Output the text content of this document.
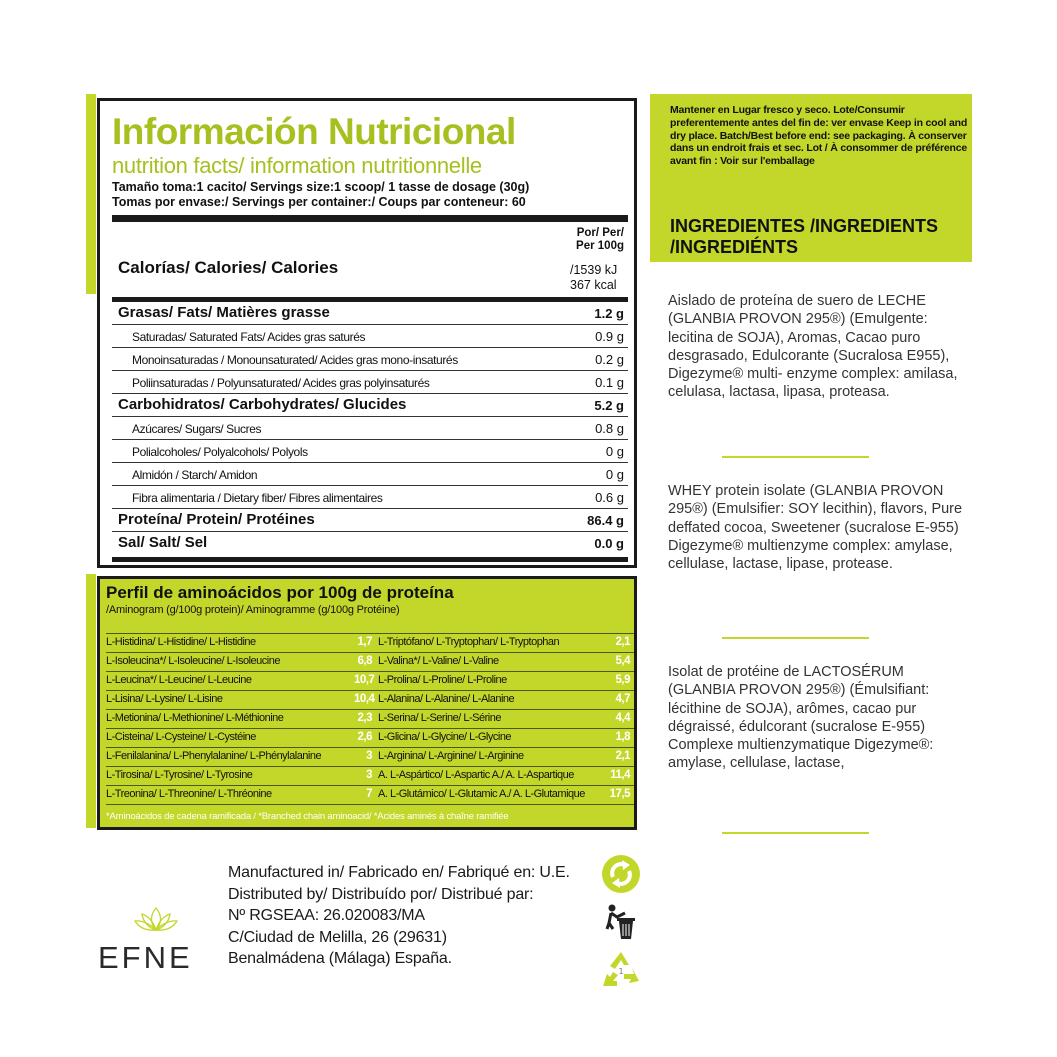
Información Nutricional
nutrition facts/ information nutritionnelle
Tamaño toma:1 cacito/ Servings size:1 scoop/ 1 tasse de dosage (30g)
Tomas por envase:/ Servings per container:/ Coups par conteneur: 60
Por/ Per/
Per 100g
Calorías/ Calories/ Calories	/1539 kJ
367 kcal
Grasas/ Fats/ Matières grasse	1.2 g
Saturadas/ Saturated Fats/ Acides gras saturés	0.9 g
Monoinsaturadas / Monounsaturated/ Acides gras mono-insaturés	0.2 g
Poliinsaturadas / Polyunsaturated/ Acides gras polyinsaturés	0.1 g
Carbohidratos/ Carbohydrates/ Glucides	5.2 g
Azúcares/ Sugars/ Sucres	0.8 g
Polialcoholes/ Polyalcohols/ Polyols	0 g
Almidón / Starch/ Amidon	0 g
Fibra alimentaria / Dietary fiber/ Fibres alimentaires	0.6 g
Proteína/ Protein/ Protéines	86.4 g
Sal/ Salt/ Sel	0.0 g
Perfil de aminoácidos por 100g de proteína
/Aminogram (g/100g protein)/ Aminogramme (g/100g Protéine)
L-Histidina/ L-Histidine/ L-Histidine	1,7 L-Triptófano/ L-Tryptophan/ L-Tryptophan	2,1
L-Isoleucina*/ L-Isoleucine/ L-Isoleucine	6,8 L-Valina*/ L-Valine/ L-Valine	5,4
L-Leucina*/ L-Leucine/ L-Leucine	10,7 L-Prolina/ L-Proline/ L-Proline	5,9
L-Lisina/ L-Lysine/ L-Lisine	10,4 L-Alanina/ L-Alanine/ L-Alanine	4,7
L-Metionina/ L-Methionine/ L-Méthionine	2,3 L-Serina/ L-Serine/ L-Sérine	4,4
L-Cisteina/ L-Cysteine/ L-Cystéine	2,6 L-Glicina/ L-Glycine/ L-Glycine	1,8
L-Fenilalanina/ L-Phenylalanine/ L-Phénylalanine	3 L-Arginina/ L-Arginine/ L-Arginine	2,1
L-Tirosina/ L-Tyrosine/ L-Tyrosine	3 A. L-Aspártico/ L-Aspartic A./ A. L-Aspartique	11,4
L-Treonina/ L-Threonine/ L-Thréonine	7 A. L-Glutámico/ L-Glutamic A./ A. L-Glutamique	17,5
*Aminoácidos de cadena ramificada / *Branched chain aminoacid/ *Acides aminés à chaîne ramifiée
Mantener en Lugar fresco y seco. Lote/Consumir preferentemente antes del fin de: ver envase Keep in cool and dry place. Batch/Best before end: see packaging. À conserver dans un endroit frais et sec. Lot / À consommer de préférence avant fin : Voir sur l'emballage
INGREDIENTES /INGREDIENTS /INGREDIÉNTS
Aislado de proteína de suero de LECHE (GLANBIA PROVON 295®) (Emulgente: lecitina de SOJA), Aromas, Cacao puro desgrasado, Edulcorante (Sucralosa E955), Digezyme® multi- enzyme complex: amilasa, celulasa, lactasa, lipasa, proteasa.
WHEY protein isolate (GLANBIA PROVON 295®) (Emulsifier: SOY lecithin), flavors, Pure deffated cocoa, Sweetener (sucralose E-955) Digezyme® multienzyme complex: amylase, cellulase, lactase, lipase, protease.
Isolat de protéine de LACTOSÉRUM (GLANBIA PROVON 295®) (Émulsifiant: lécithine de SOJA), arômes, cacao pur dégraissé, édulcorant (sucralose E-955) Complexe multienzymatique Digezyme®: amylase, cellulase, lactase,
Manufactured in/ Fabricado en/ Fabriqué en: U.E.
Distributed by/ Distribuído por/ Distribué par:
Nº RGSEAA: 26.020083/MA
C/Ciudad de Melilla, 26 (29631)
Benalmádena (Málaga) España.
EFNE	1
